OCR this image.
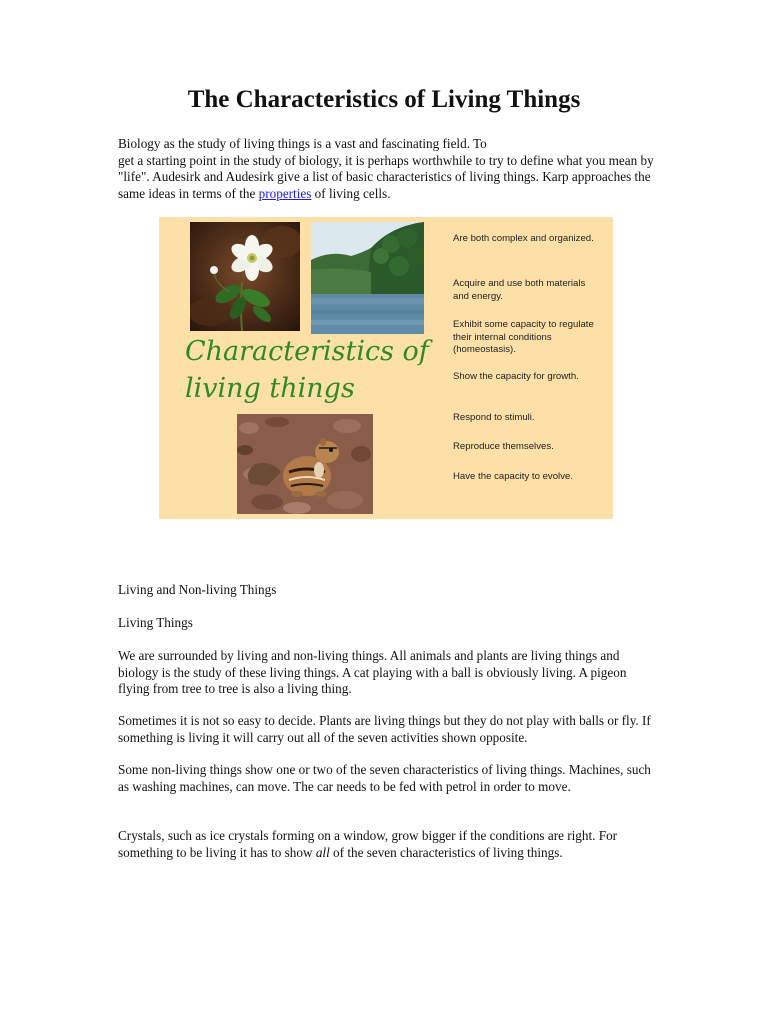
The Characteristics of Living Things

Biology as the study of living things is a vast and fascinating field. To
get a starting point in the study of biology, it is perhaps worthwhile to try to define what you mean by "life". Audesirk and Audesirk give a list of basic characteristics of living things. Karp approaches the same ideas in terms of the properties of living cells.

Characteristics of
living things

Are both complex and organized.
Acquire and use both materials and energy.
Exhibit some capacity to regulate their internal conditions (homeostasis).
Show the capacity for growth.
Respond to stimuli.
Reproduce themselves.
Have the capacity to evolve.

Living and Non-living Things

Living Things

We are surrounded by living and non-living things. All animals and plants are living things and biology is the study of these living things. A cat playing with a ball is obviously living. A pigeon flying from tree to tree is also a living thing.

Sometimes it is not so easy to decide. Plants are living things but they do not play with balls or fly. If something is living it will carry out all of the seven activities shown opposite.

Some non-living things show one or two of the seven characteristics of living things. Machines, such as washing machines, can move. The car needs to be fed with petrol in order to move.

Crystals, such as ice crystals forming on a window, grow bigger if the conditions are right. For something to be living it has to show all of the seven characteristics of living things.
